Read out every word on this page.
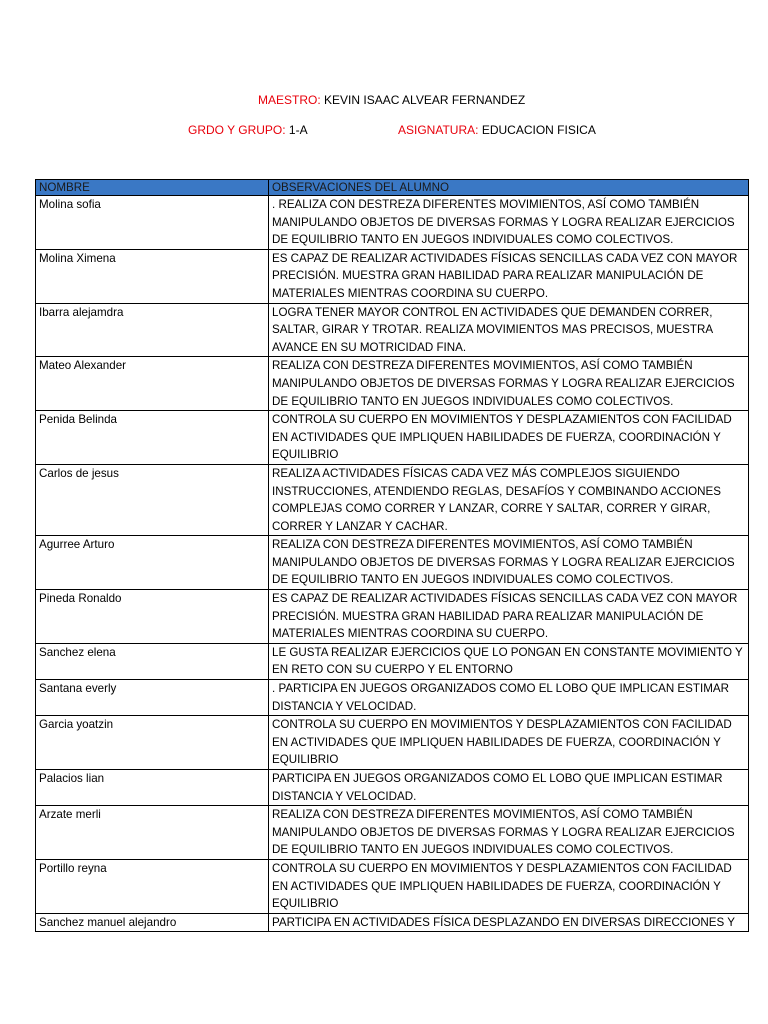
MAESTRO: KEVIN ISAAC ALVEAR FERNANDEZ
GRDO Y GRUPO: 1-A	ASIGNATURA: EDUCACION FISICA
NOMBRE	OBSERVACIONES DEL ALUMNO
Molina sofia	. REALIZA CON DESTREZA DIFERENTES MOVIMIENTOS, ASÍ COMO TAMBIÉN MANIPULANDO OBJETOS DE DIVERSAS FORMAS Y LOGRA REALIZAR EJERCICIOS DE EQUILIBRIO TANTO EN JUEGOS INDIVIDUALES COMO COLECTIVOS.
Molina Ximena	ES CAPAZ DE REALIZAR ACTIVIDADES FÍSICAS SENCILLAS CADA VEZ CON MAYOR PRECISIÓN. MUESTRA GRAN HABILIDAD PARA REALIZAR MANIPULACIÓN DE MATERIALES MIENTRAS COORDINA SU CUERPO.
Ibarra alejamdra	LOGRA TENER MAYOR CONTROL EN ACTIVIDADES QUE DEMANDEN CORRER, SALTAR, GIRAR Y TROTAR. REALIZA MOVIMIENTOS MAS PRECISOS, MUESTRA AVANCE EN SU MOTRICIDAD FINA.
Mateo Alexander	REALIZA CON DESTREZA DIFERENTES MOVIMIENTOS, ASÍ COMO TAMBIÉN MANIPULANDO OBJETOS DE DIVERSAS FORMAS Y LOGRA REALIZAR EJERCICIOS DE EQUILIBRIO TANTO EN JUEGOS INDIVIDUALES COMO COLECTIVOS.
Penida Belinda	CONTROLA SU CUERPO EN MOVIMIENTOS Y DESPLAZAMIENTOS CON FACILIDAD EN ACTIVIDADES QUE IMPLIQUEN HABILIDADES DE FUERZA, COORDINACIÓN Y EQUILIBRIO
Carlos de jesus	REALIZA ACTIVIDADES FÍSICAS CADA VEZ MÁS COMPLEJOS SIGUIENDO INSTRUCCIONES, ATENDIENDO REGLAS, DESAFÍOS Y COMBINANDO ACCIONES COMPLEJAS COMO CORRER Y LANZAR, CORRE Y SALTAR, CORRER Y GIRAR, CORRER Y LANZAR Y CACHAR.
Agurree Arturo	REALIZA CON DESTREZA DIFERENTES MOVIMIENTOS, ASÍ COMO TAMBIÉN MANIPULANDO OBJETOS DE DIVERSAS FORMAS Y LOGRA REALIZAR EJERCICIOS DE EQUILIBRIO TANTO EN JUEGOS INDIVIDUALES COMO COLECTIVOS.
Pineda Ronaldo	ES CAPAZ DE REALIZAR ACTIVIDADES FÍSICAS SENCILLAS CADA VEZ CON MAYOR PRECISIÓN. MUESTRA GRAN HABILIDAD PARA REALIZAR MANIPULACIÓN DE MATERIALES MIENTRAS COORDINA SU CUERPO.
Sanchez elena	LE GUSTA REALIZAR EJERCICIOS QUE LO PONGAN EN CONSTANTE MOVIMIENTO Y EN RETO CON SU CUERPO Y EL ENTORNO
Santana everly	. PARTICIPA EN JUEGOS ORGANIZADOS COMO EL LOBO QUE IMPLICAN ESTIMAR DISTANCIA Y VELOCIDAD.
Garcia yoatzin	CONTROLA SU CUERPO EN MOVIMIENTOS Y DESPLAZAMIENTOS CON FACILIDAD EN ACTIVIDADES QUE IMPLIQUEN HABILIDADES DE FUERZA, COORDINACIÓN Y EQUILIBRIO
Palacios lian	PARTICIPA EN JUEGOS ORGANIZADOS COMO EL LOBO QUE IMPLICAN ESTIMAR DISTANCIA Y VELOCIDAD.
Arzate merli	REALIZA CON DESTREZA DIFERENTES MOVIMIENTOS, ASÍ COMO TAMBIÉN MANIPULANDO OBJETOS DE DIVERSAS FORMAS Y LOGRA REALIZAR EJERCICIOS DE EQUILIBRIO TANTO EN JUEGOS INDIVIDUALES COMO COLECTIVOS.
Portillo reyna	CONTROLA SU CUERPO EN MOVIMIENTOS Y DESPLAZAMIENTOS CON FACILIDAD EN ACTIVIDADES QUE IMPLIQUEN HABILIDADES DE FUERZA, COORDINACIÓN Y EQUILIBRIO
Sanchez manuel alejandro	PARTICIPA EN ACTIVIDADES FÍSICA DESPLAZANDO EN DIVERSAS DIRECCIONES Y
